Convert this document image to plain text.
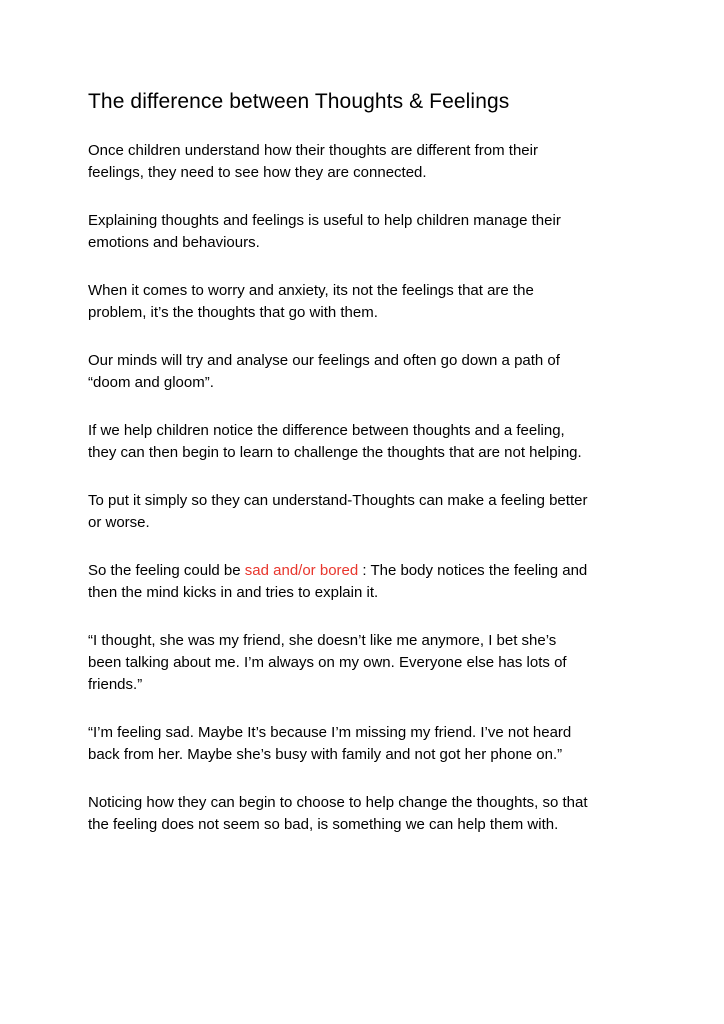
The difference between Thoughts & Feelings

Once children understand how their thoughts are different from their
feelings, they need to see how they are connected.

Explaining thoughts and feelings is useful to help children manage their
emotions and behaviours.

When it comes to worry and anxiety, its not the feelings that are the
problem, it’s the thoughts that go with them.

Our minds will try and analyse our feelings and often go down a path of
“doom and gloom”.

If we help children notice the difference between thoughts and a feeling,
they can then begin to learn to challenge the thoughts that are not helping.

To put it simply so they can understand-Thoughts can make a feeling better
or worse.

So the feeling could be sad and/or bored : The body notices the feeling and
then the mind kicks in and tries to explain it.

“I thought, she was my friend, she doesn’t like me anymore, I bet she’s
been talking about me. I’m always on my own. Everyone else has lots of
friends.”

“I’m feeling sad. Maybe It’s because I’m missing my friend. I’ve not heard
back from her. Maybe she’s busy with family and not got her phone on.”

Noticing how they can begin to choose to help change the thoughts, so that
the feeling does not seem so bad, is something we can help them with.
